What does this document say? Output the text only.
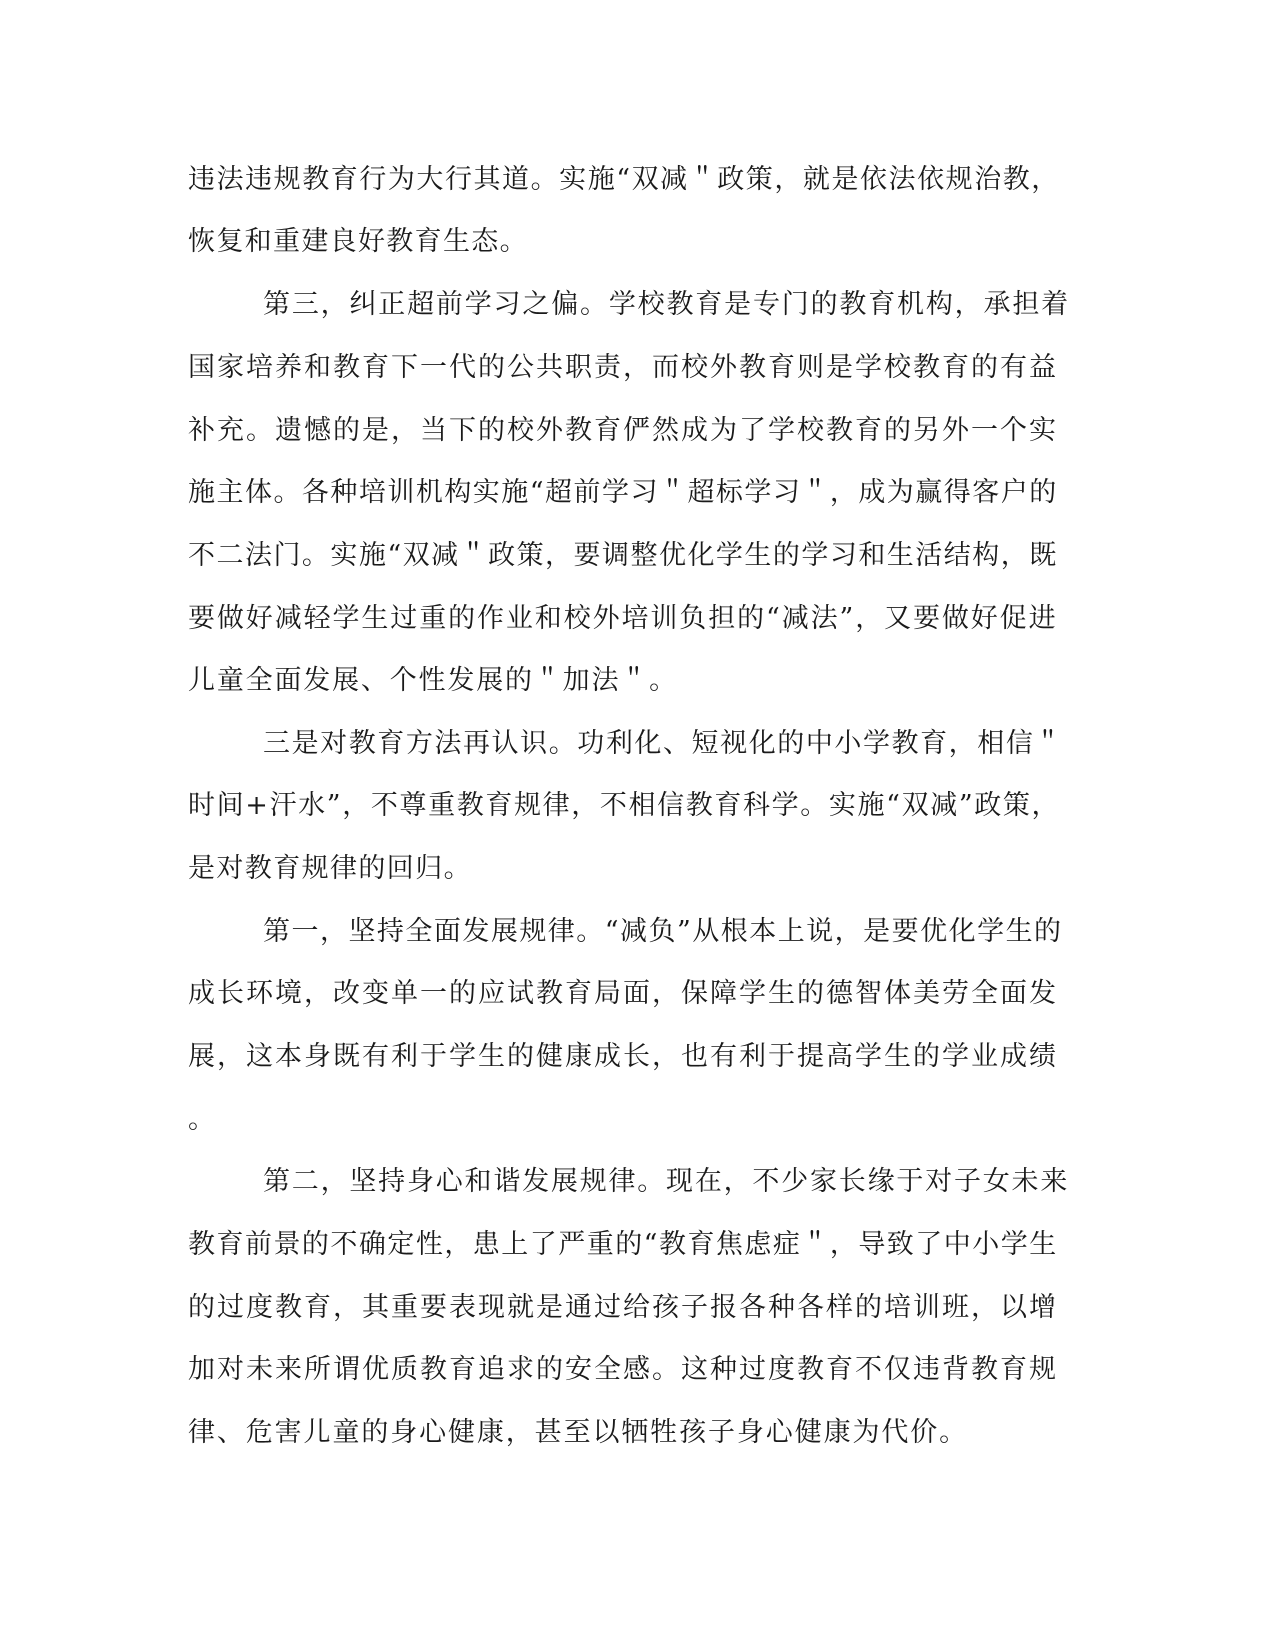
违法违规教育行为大行其道。实施“双减＂政策，就是依法依规治教，
恢复和重建良好教育生态。
第三，纠正超前学习之偏。学校教育是专门的教育机构，承担着
国家培养和教育下一代的公共职责，而校外教育则是学校教育的有益
补充。遗憾的是，当下的校外教育俨然成为了学校教育的另外一个实
施主体。各种培训机构实施“超前学习＂超标学习＂，成为赢得客户的
不二法门。实施“双减＂政策，要调整优化学生的学习和生活结构，既
要做好减轻学生过重的作业和校外培训负担的“减法”，又要做好促进
儿童全面发展、个性发展的＂加法＂。
三是对教育方法再认识。功利化、短视化的中小学教育，相信＂
时间+汗水”，不尊重教育规律，不相信教育科学。实施“双减”政策，
是对教育规律的回归。
第一，坚持全面发展规律。“减负”从根本上说，是要优化学生的
成长环境，改变单一的应试教育局面，保障学生的德智体美劳全面发
展，这本身既有利于学生的健康成长，也有利于提高学生的学业成绩
。
第二，坚持身心和谐发展规律。现在，不少家长缘于对子女未来
教育前景的不确定性，患上了严重的“教育焦虑症＂，导致了中小学生
的过度教育，其重要表现就是通过给孩子报各种各样的培训班，以增
加对未来所谓优质教育追求的安全感。这种过度教育不仅违背教育规
律、危害儿童的身心健康，甚至以牺牲孩子身心健康为代价。
